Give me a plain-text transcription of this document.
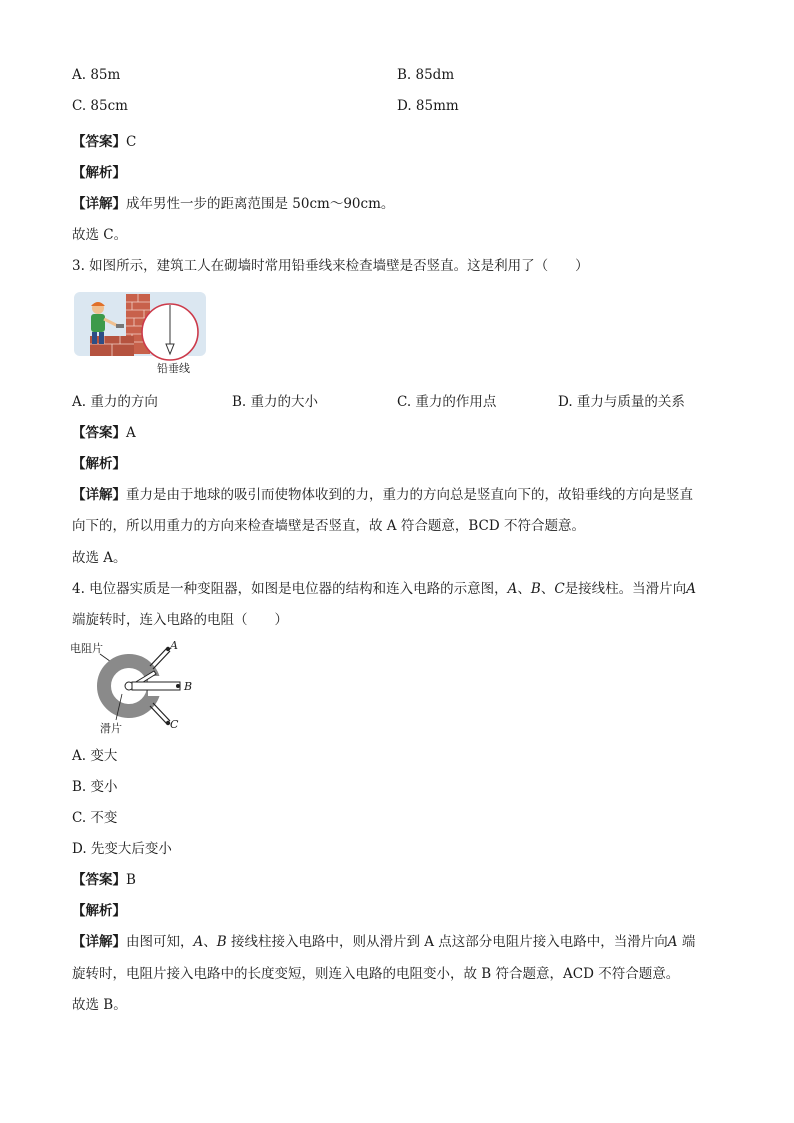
A. 85m	B. 85dm
C. 85cm	D. 85mm
【答案】C
【解析】
【详解】成年男性一步的距离范围是 50cm～90cm。
故选 C。
3. 如图所示，建筑工人在砌墙时常用铅垂线来检查墙壁是否竖直。这是利用了（　　）
铅垂线
A. 重力的方向	B. 重力的大小	C. 重力的作用点	D. 重力与质量的关系
【答案】A
【解析】
【详解】重力是由于地球的吸引而使物体收到的力，重力的方向总是竖直向下的，故铅垂线的方向是竖直
向下的，所以用重力的方向来检查墙壁是否竖直，故 A 符合题意，BCD 不符合题意。
故选 A。
4. 电位器实质是一种变阻器，如图是电位器的结构和连入电路的示意图，A、B、C是接线柱。当滑片向A
端旋转时，连入电路的电阻（　　）
电阻片	A
B
C
滑片
A. 变大
B. 变小
C. 不变
D. 先变大后变小
【答案】B
【解析】
【详解】由图可知，A、B 接线柱接入电路中，则从滑片到 A 点这部分电阻片接入电路中，当滑片向A 端
旋转时，电阻片接入电路中的长度变短，则连入电路的电阻变小，故 B 符合题意，ACD 不符合题意。
故选 B。
